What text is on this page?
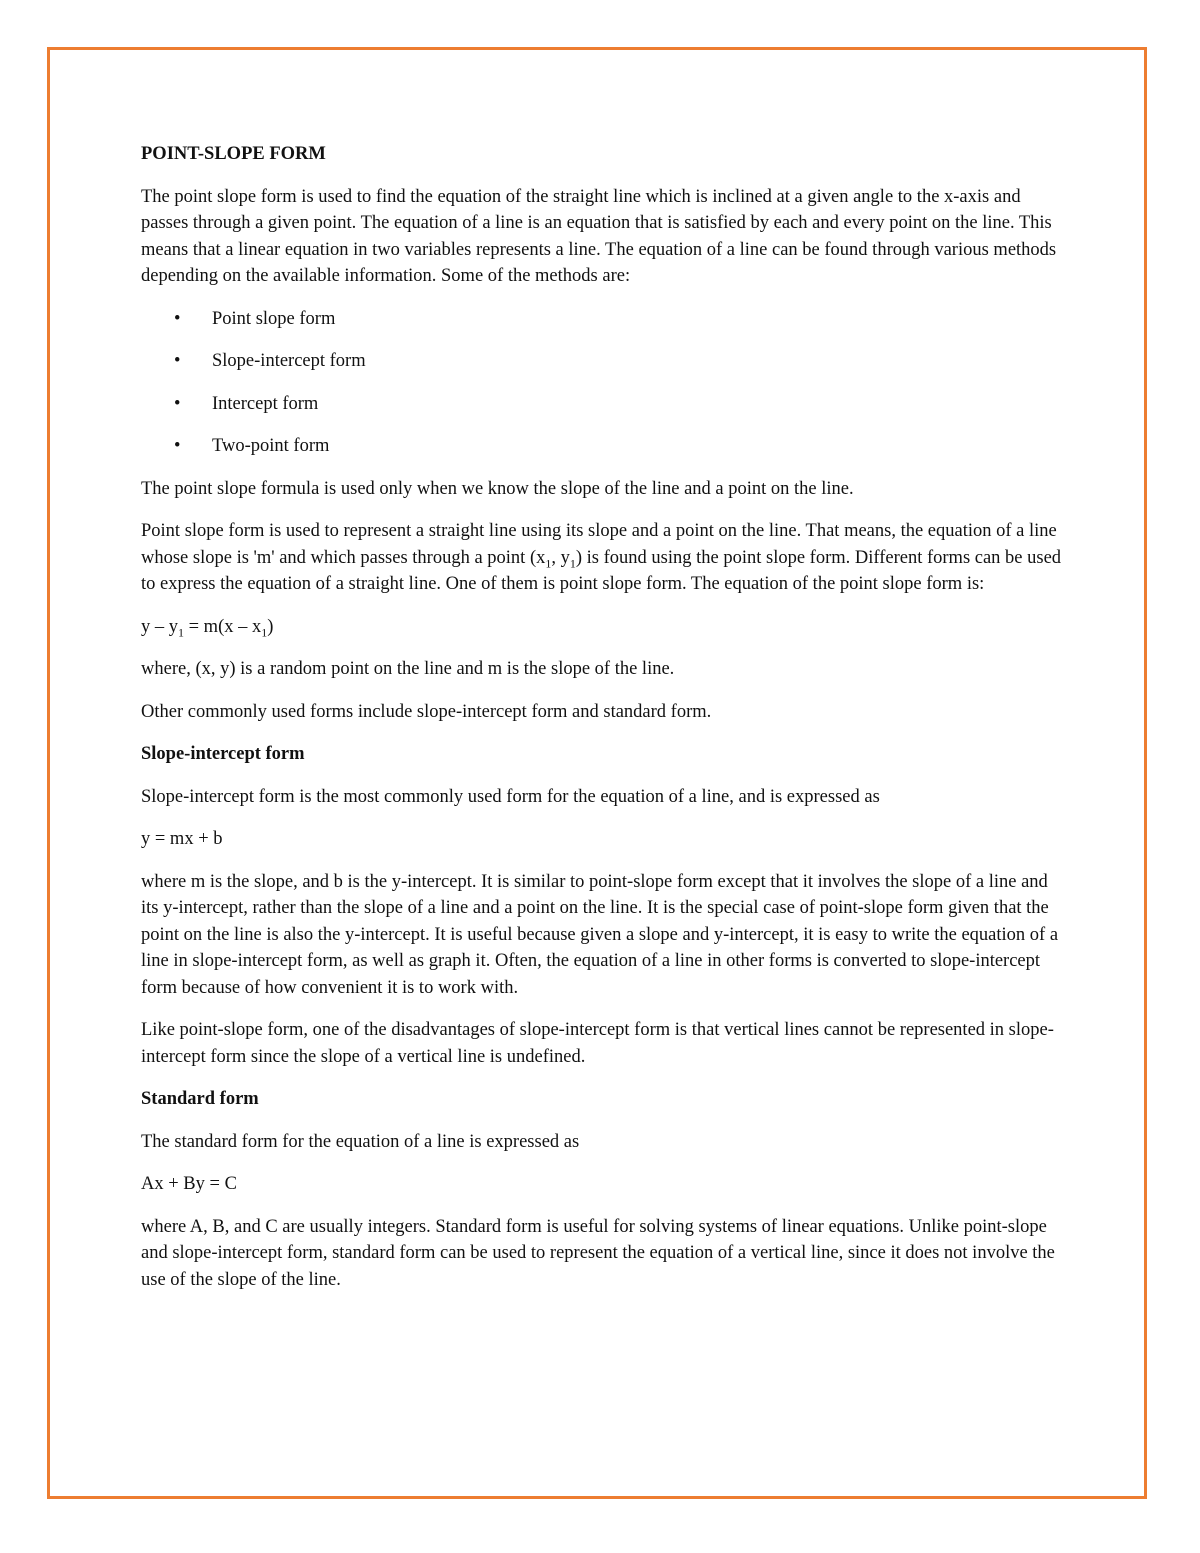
POINT-SLOPE FORM

The point slope form is used to find the equation of the straight line which is inclined at a given angle to the x-axis and passes through a given point. The equation of a line is an equation that is satisfied by each and every point on the line. This means that a linear equation in two variables represents a line. The equation of a line can be found through various methods depending on the available information. Some of the methods are:

• Point slope form
• Slope-intercept form
• Intercept form
• Two-point form

The point slope formula is used only when we know the slope of the line and a point on the line.

Point slope form is used to represent a straight line using its slope and a point on the line. That means, the equation of a line whose slope is 'm' and which passes through a point ($x_1$, $y_1$) is found using the point slope form. Different forms can be used to express the equation of a straight line. One of them is point slope form. The equation of the point slope form is:

$y - y_1 = m(x - x_1)$

where, (x, y) is a random point on the line and m is the slope of the line.

Other commonly used forms include slope-intercept form and standard form.

Slope-intercept form

Slope-intercept form is the most commonly used form for the equation of a line, and is expressed as

y = mx + b

where m is the slope, and b is the y-intercept. It is similar to point-slope form except that it involves the slope of a line and its y-intercept, rather than the slope of a line and a point on the line. It is the special case of point-slope form given that the point on the line is also the y-intercept. It is useful because given a slope and y-intercept, it is easy to write the equation of a line in slope-intercept form, as well as graph it. Often, the equation of a line in other forms is converted to slope-intercept form because of how convenient it is to work with.

Like point-slope form, one of the disadvantages of slope-intercept form is that vertical lines cannot be represented in slope-intercept form since the slope of a vertical line is undefined.

Standard form

The standard form for the equation of a line is expressed as

Ax + By = C

where A, B, and C are usually integers. Standard form is useful for solving systems of linear equations. Unlike point-slope and slope-intercept form, standard form can be used to represent the equation of a vertical line, since it does not involve the use of the slope of the line.
